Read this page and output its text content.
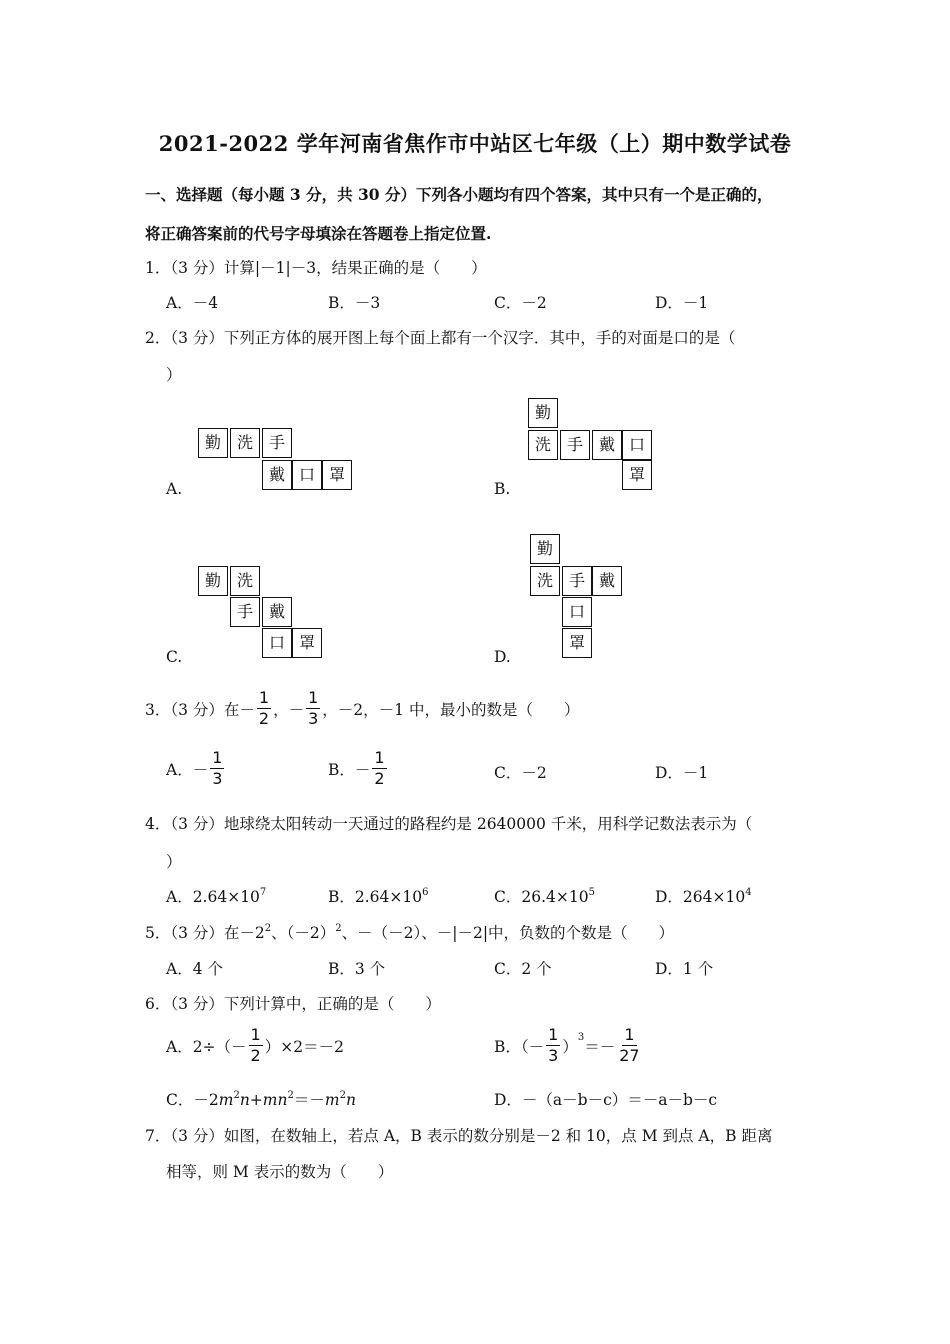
2021-2022 学年河南省焦作市中站区七年级（上）期中数学试卷
一、选择题（每小题 3 分，共 30 分）下列各小题均有四个答案，其中只有一个是正确的，
将正确答案前的代号字母填涂在答题卷上指定位置.
1．（3 分）计算|－1|－3，结果正确的是（　　）
A．－4	B．－3	C．－2	D．－1
2．（3 分）下列正方体的展开图上每个面上都有一个汉字．其中，手的对面是口的是（
）
勤 洗 手
戴 口 罩
A.
勤
洗 手 戴 口
罩
B.
勤 洗
手 戴
口 罩
C.
勤
洗 手 戴
口
罩
D.
3．（3 分）在－ $\frac{1}{2}$ ，－ $\frac{1}{3}$ ，－2，－1 中，最小的数是（　　）
A．－ $\frac{1}{3}$	B．－ $\frac{1}{2}$	C．－2	D．－1
4．（3 分）地球绕太阳转动一天通过的路程约是 2640000 千米，用科学记数法表示为（
）
A．$2.64\times 10^7$	B．$2.64\times 10^6$	C．$26.4\times 10^5$	D．$264\times 10^4$
5．（3 分）在$-2^2$、$(-2)^2$、－（－2）、－|－2|中，负数的个数是（　　）
A．4 个	B．3 个	C．2 个	D．1 个
6．（3 分）下列计算中，正确的是（　　）
A．$2\div(- \frac{1}{2} )\times 2=-2$	B．（－ $\frac{1}{3}$ ） $3 =- \frac{1}{27}$
C．$-2m^2n+mn^2=-m^2n$	D．－（a－b－c）＝－a－b－c
7．（3 分）如图，在数轴上，若点 A，B 表示的数分别是－2 和 10，点 M 到点 A，B 距离
相等，则 M 表示的数为（　　）
